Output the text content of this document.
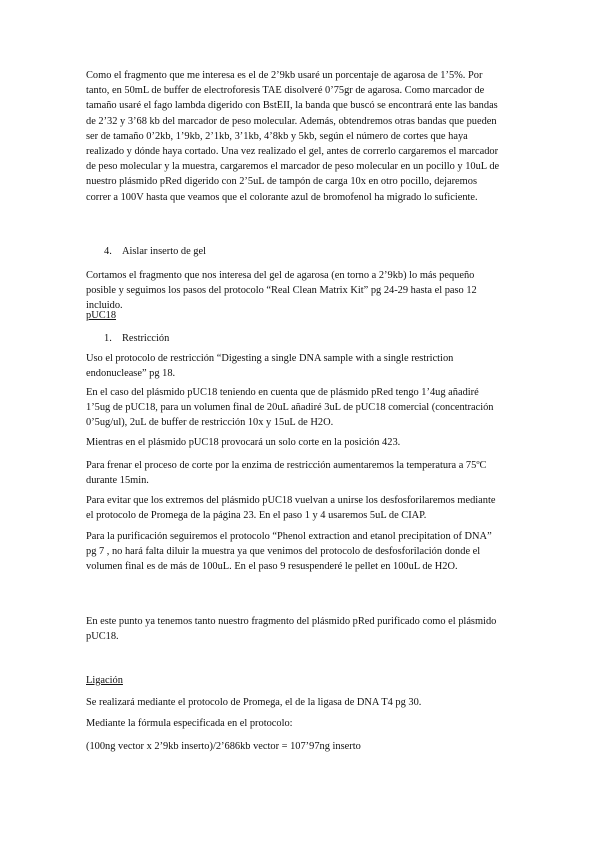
Como el fragmento que me interesa es el de 2’9kb usaré un porcentaje de agarosa de 1’5%. Por tanto, en 50mL de buffer de electroforesis TAE disolveré 0’75gr de agarosa. Como marcador de tamaño usaré el fago lambda digerido con BstEII, la banda que buscó se encontrará ente las bandas de 2’32 y 3’68 kb del marcador de peso molecular. Además, obtendremos otras bandas que pueden ser de tamaño 0’2kb, 1’9kb, 2’1kb, 3’1kb, 4’8kb y 5kb, según el número de cortes que haya realizado y dónde haya cortado. Una vez realizado el gel, antes de correrlo cargaremos el marcador de peso molecular y la muestra, cargaremos el marcador de peso molecular en un pocillo y 10uL de nuestro plásmido pRed digerido con 2’5uL de tampón de carga 10x en otro pocillo, dejaremos correr a 100V hasta que veamos que el colorante azul de bromofenol ha migrado lo suficiente.

4. Aislar inserto de gel

Cortamos el fragmento que nos interesa del gel de agarosa (en torno a 2’9kb) lo más pequeño posible y seguimos los pasos del protocolo “Real Clean Matrix Kit” pg 24-29 hasta el paso 12 incluido.

pUC18

1. Restricción

Uso el protocolo de restricción “Digesting a single DNA sample with a single restriction endonuclease” pg 18.

En el caso del plásmido pUC18 teniendo en cuenta que de plásmido pRed tengo 1’4ug añadiré 1’5ug de pUC18, para un volumen final de 20uL añadiré 3uL de pUC18 comercial (concentración 0’5ug/ul), 2uL de buffer de restricción 10x y 15uL de H2O.

Mientras en el plásmido pUC18 provocará un solo corte en la posición 423.

Para frenar el proceso de corte por la enzima de restricción aumentaremos la temperatura a 75ºC durante 15min.

Para evitar que los extremos del plásmido pUC18 vuelvan a unirse los desfosforilaremos mediante el protocolo de Promega de la página 23. En el paso 1 y 4 usaremos 5uL de CIAP.

Para la purificación seguiremos el protocolo “Phenol extraction and etanol precipitation of DNA” pg 7 , no hará falta diluir la muestra ya que venimos del protocolo de desfosforilación donde el volumen final es de más de 100uL. En el paso 9 resuspenderé le pellet en 100uL de H2O.

En este punto ya tenemos tanto nuestro fragmento del plásmido pRed purificado como el plásmido pUC18.

Ligación

Se realizará mediante el protocolo de Promega, el de la ligasa de DNA T4 pg 30.

Mediante la fórmula especificada en el protocolo:

(100ng vector x 2’9kb inserto)/2’686kb vector = 107’97ng inserto
